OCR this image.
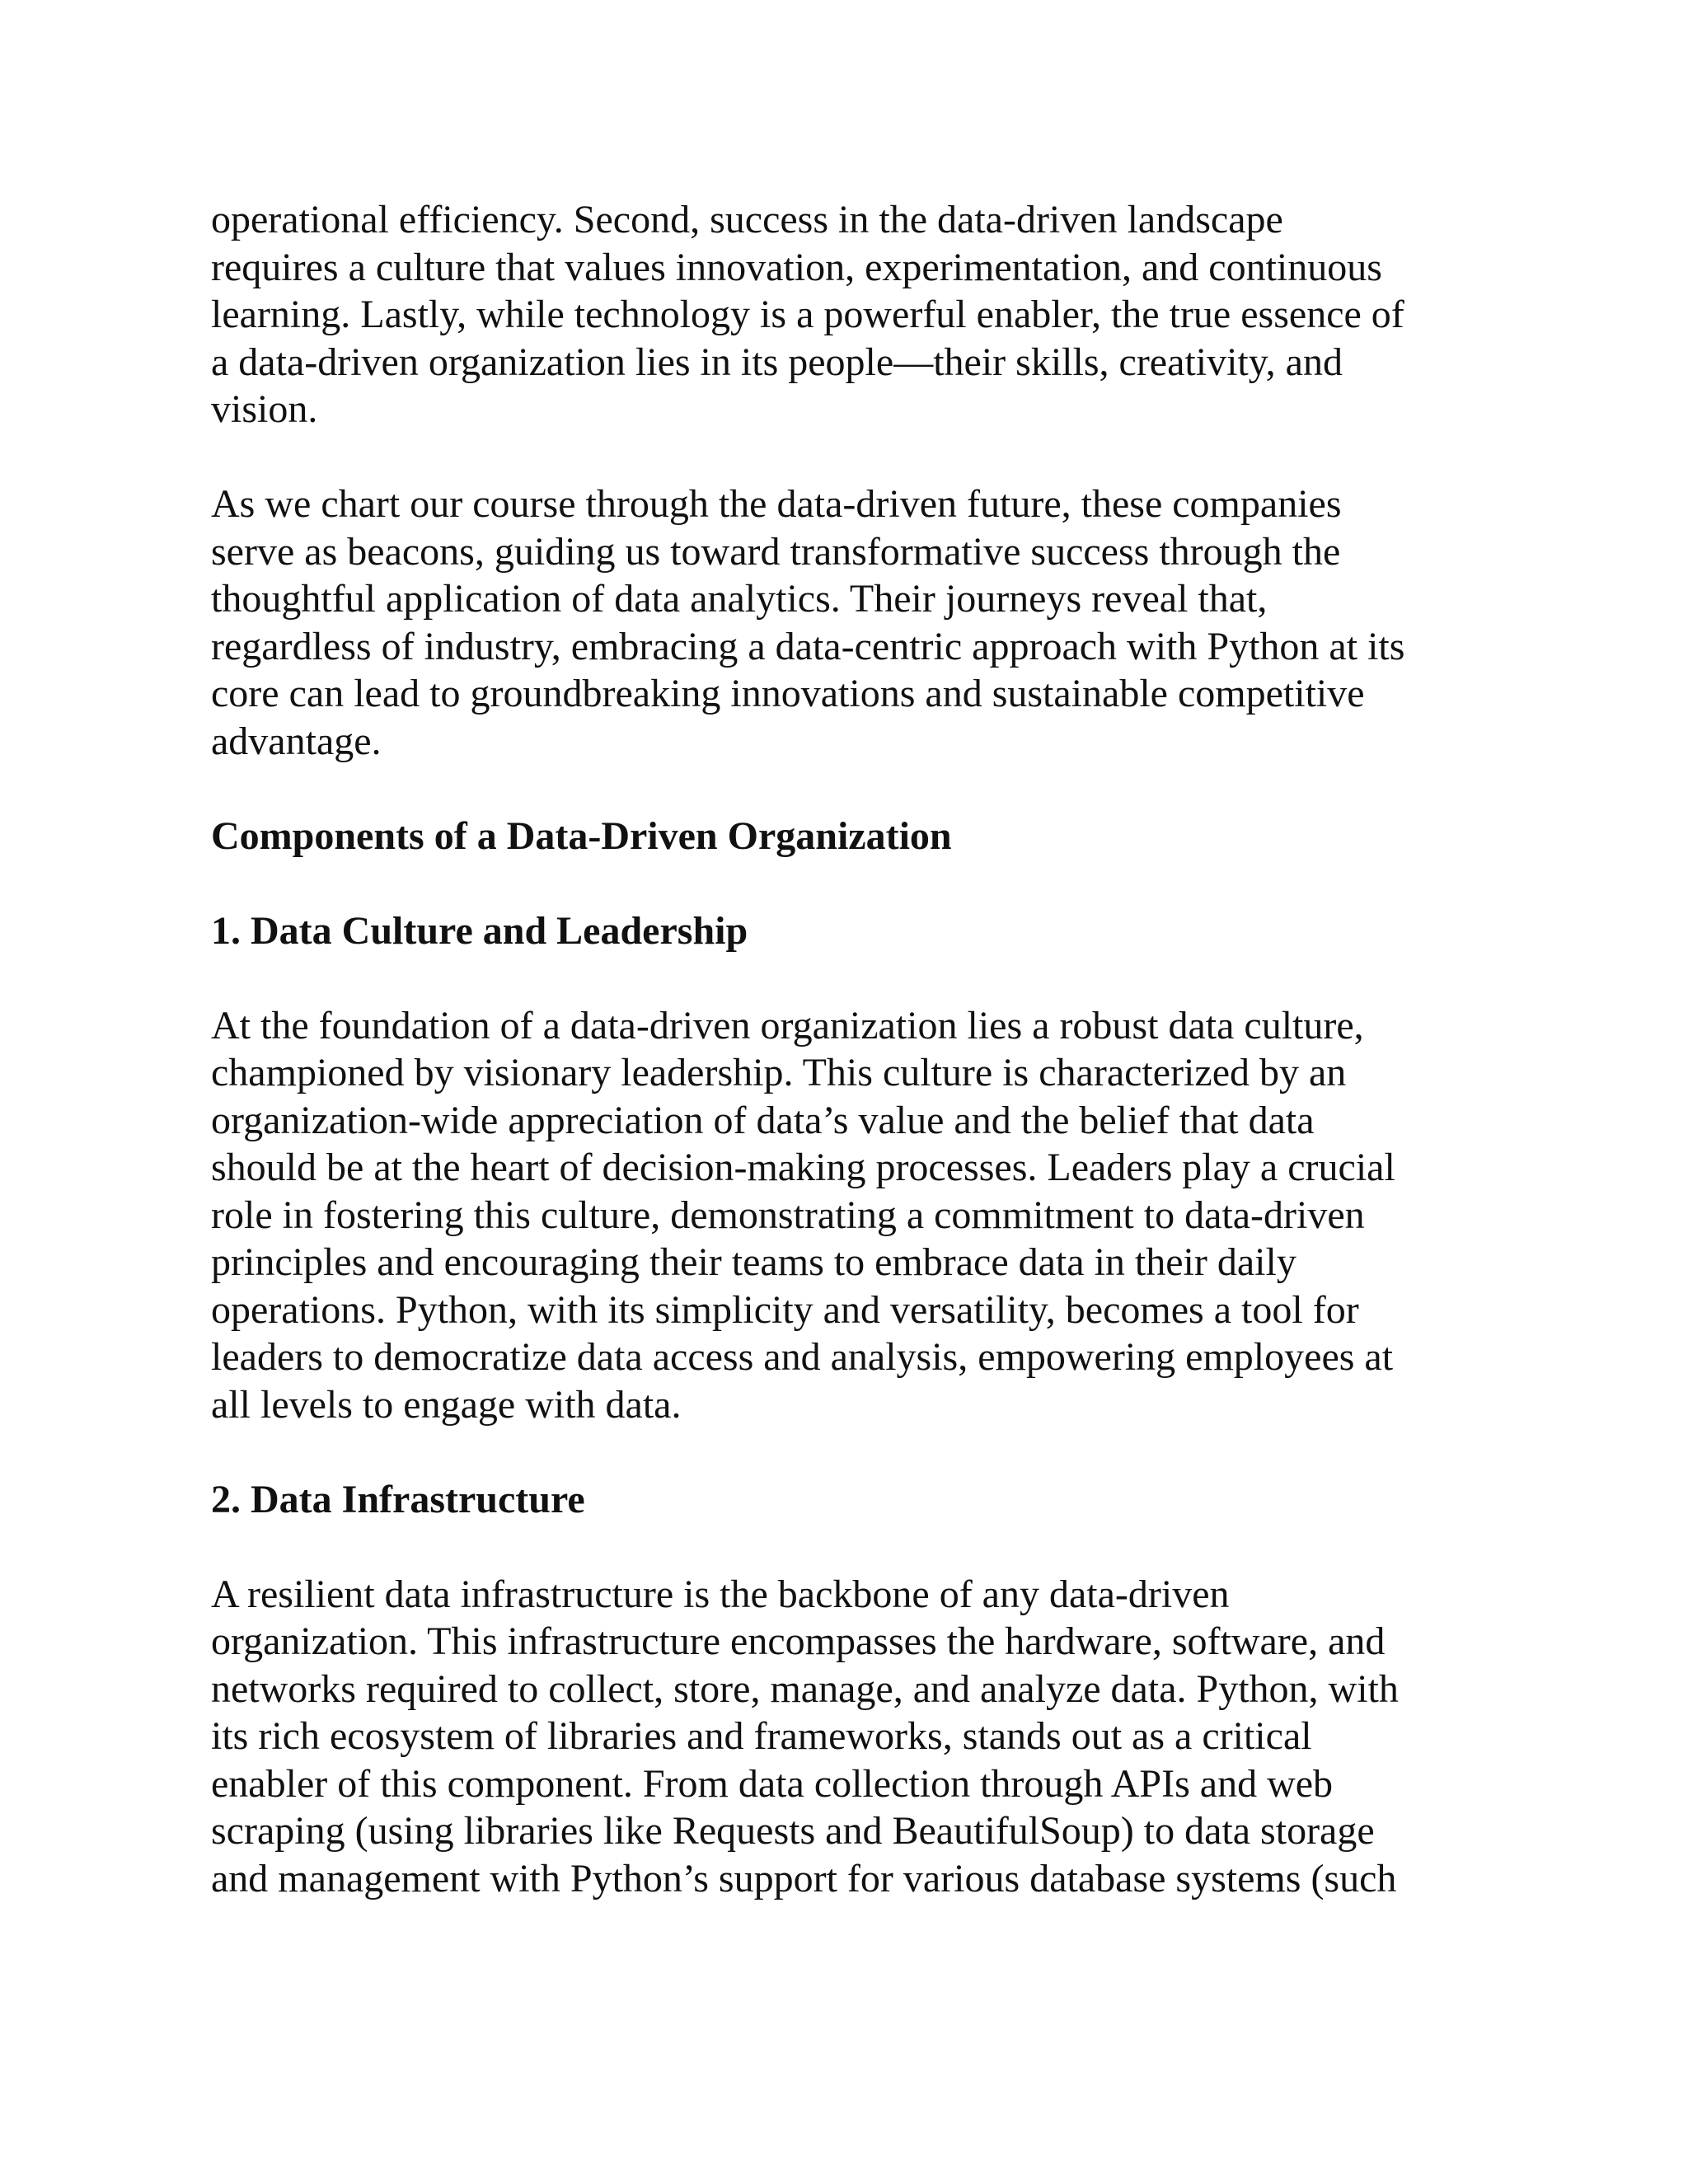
operational efficiency. Second, success in the data-driven landscape
requires a culture that values innovation, experimentation, and continuous
learning. Lastly, while technology is a powerful enabler, the true essence of
a data-driven organization lies in its people—their skills, creativity, and
vision.
As we chart our course through the data-driven future, these companies
serve as beacons, guiding us toward transformative success through the
thoughtful application of data analytics. Their journeys reveal that,
regardless of industry, embracing a data-centric approach with Python at its
core can lead to groundbreaking innovations and sustainable competitive
advantage.
Components of a Data-Driven Organization
1. Data Culture and Leadership
At the foundation of a data-driven organization lies a robust data culture,
championed by visionary leadership. This culture is characterized by an
organization-wide appreciation of data’s value and the belief that data
should be at the heart of decision-making processes. Leaders play a crucial
role in fostering this culture, demonstrating a commitment to data-driven
principles and encouraging their teams to embrace data in their daily
operations. Python, with its simplicity and versatility, becomes a tool for
leaders to democratize data access and analysis, empowering employees at
all levels to engage with data.
2. Data Infrastructure
A resilient data infrastructure is the backbone of any data-driven
organization. This infrastructure encompasses the hardware, software, and
networks required to collect, store, manage, and analyze data. Python, with
its rich ecosystem of libraries and frameworks, stands out as a critical
enabler of this component. From data collection through APIs and web
scraping (using libraries like Requests and BeautifulSoup) to data storage
and management with Python’s support for various database systems (such
